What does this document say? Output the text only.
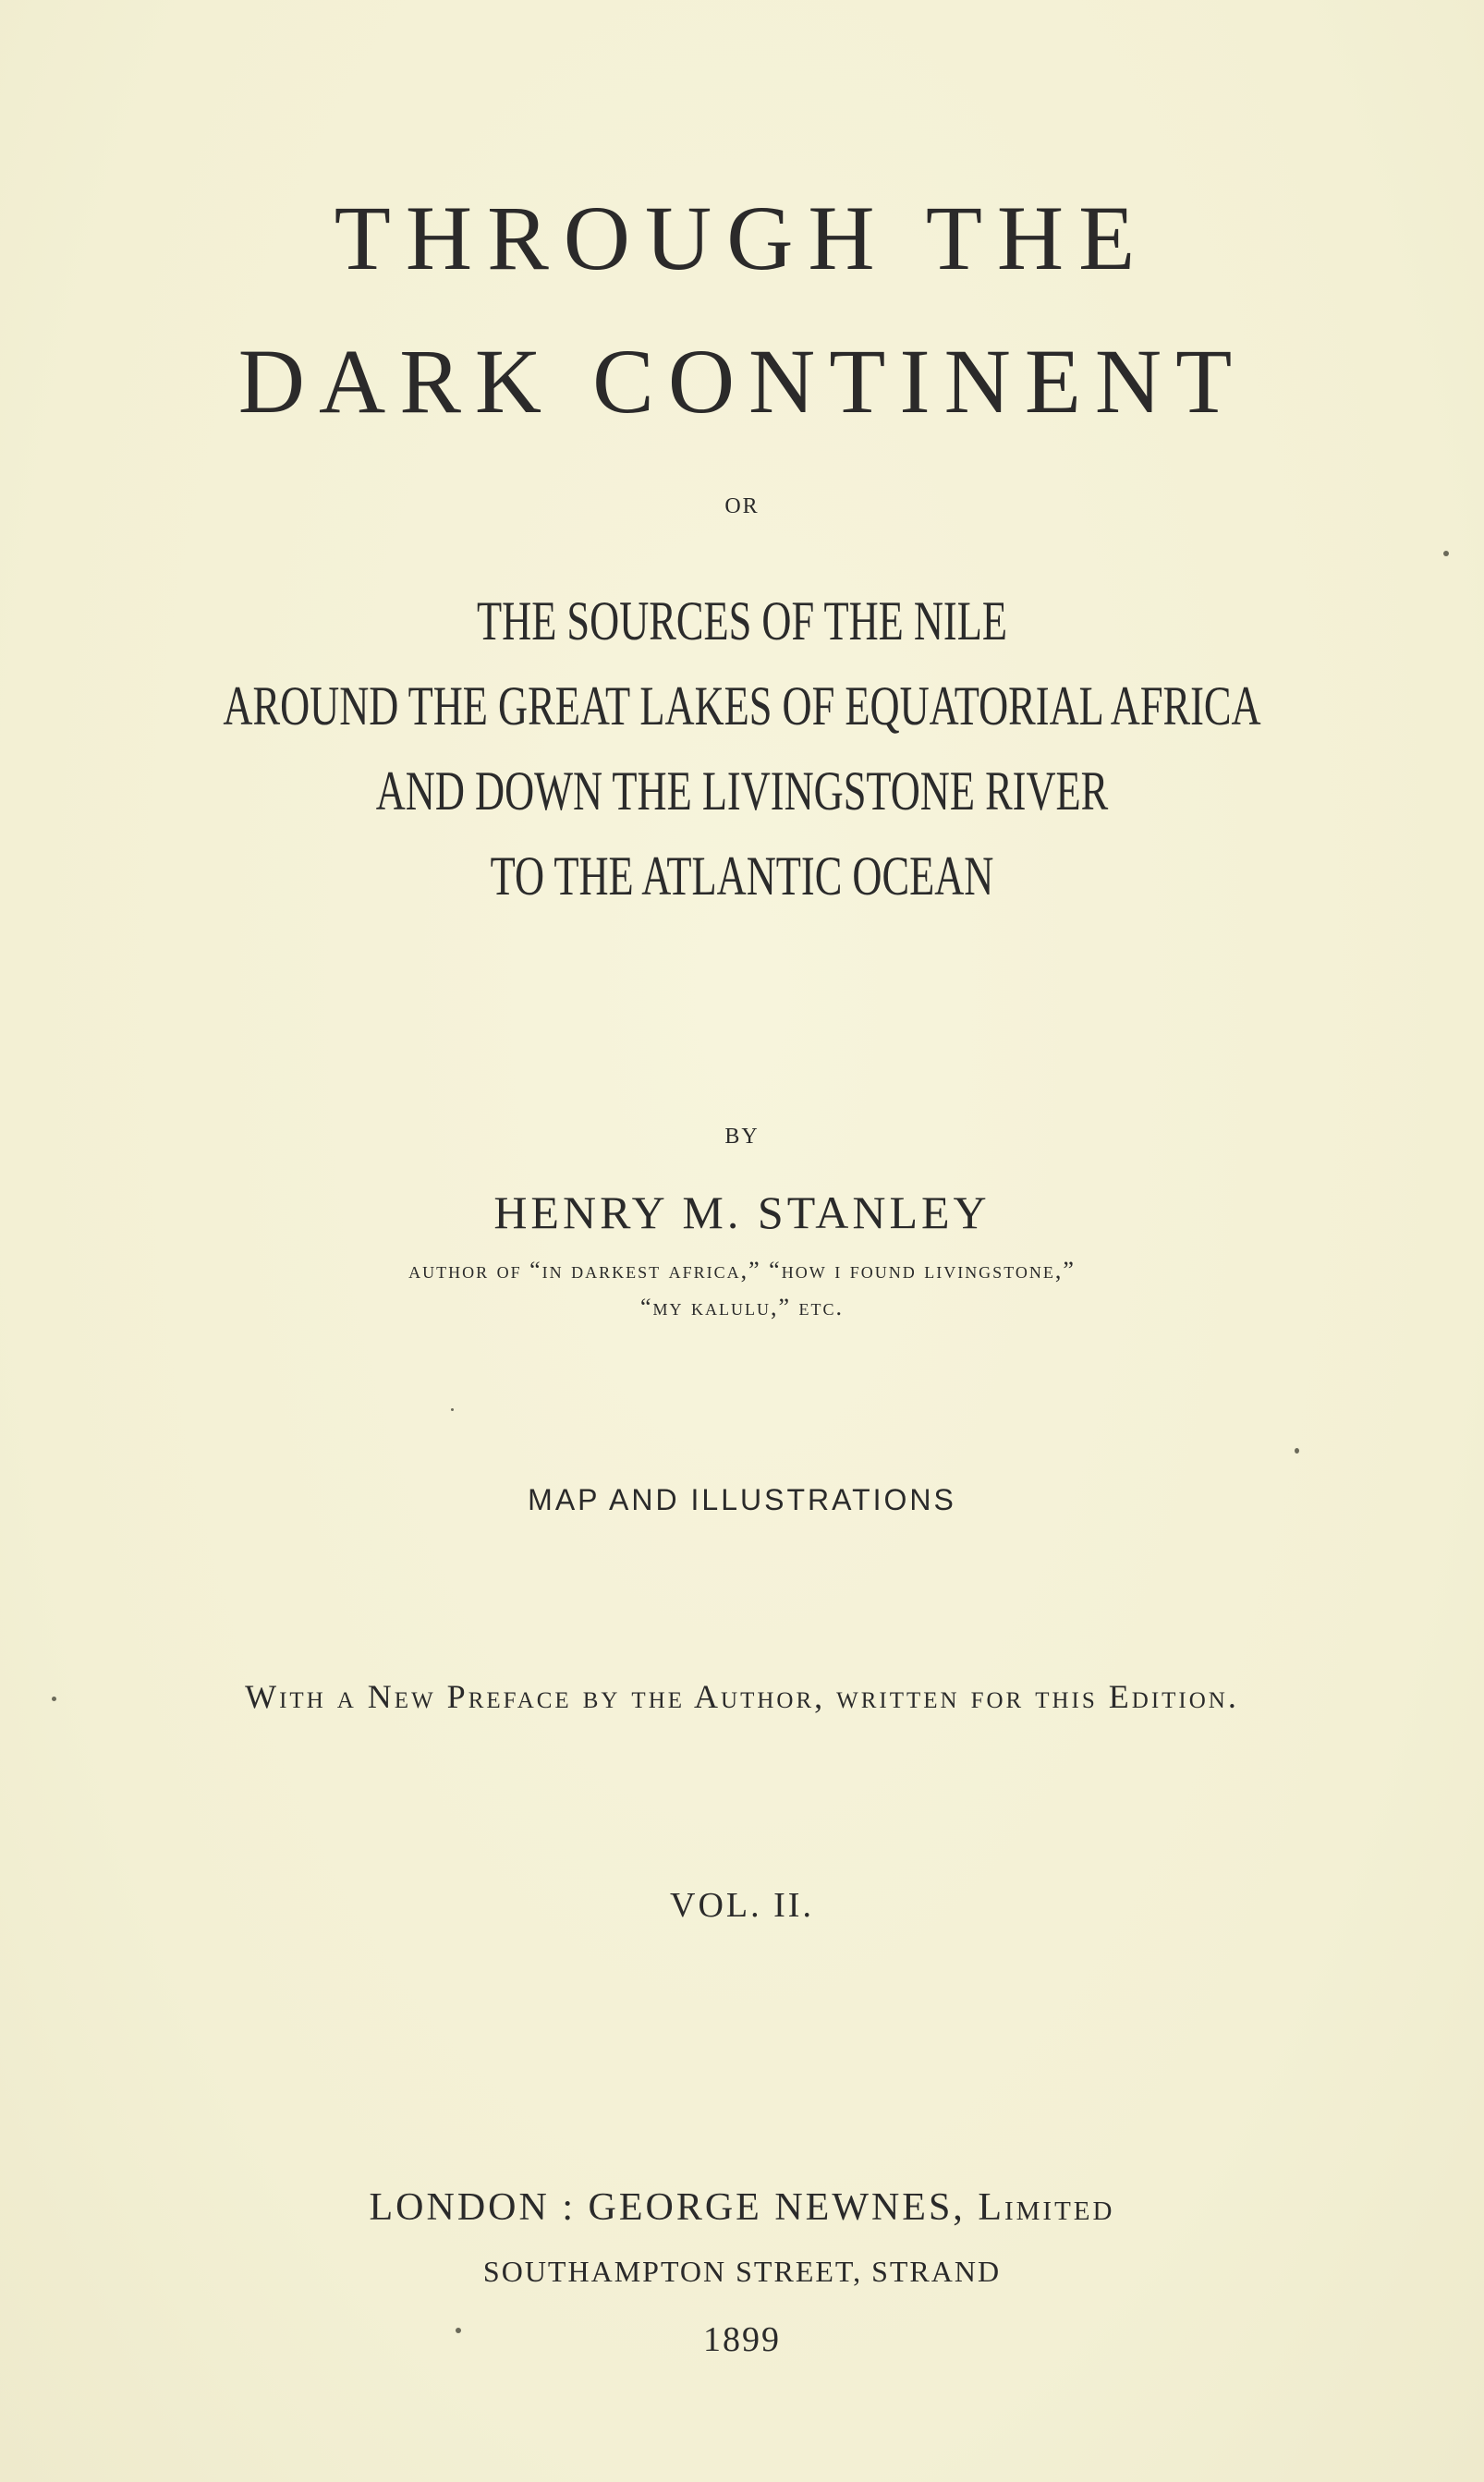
THROUGH THE
DARK CONTINENT
OR
THE SOURCES OF THE NILE
AROUND THE GREAT LAKES OF EQUATORIAL AFRICA
AND DOWN THE LIVINGSTONE RIVER
TO THE ATLANTIC OCEAN
BY
HENRY M. STANLEY
author of “in darkest africa,” “how i found livingstone,”
“my kalulu,” etc.
MAP AND ILLUSTRATIONS
With a New Preface by the Author, written for this Edition.
VOL. II.
LONDON : GEORGE NEWNES, Limited
SOUTHAMPTON STREET, STRAND
1899
